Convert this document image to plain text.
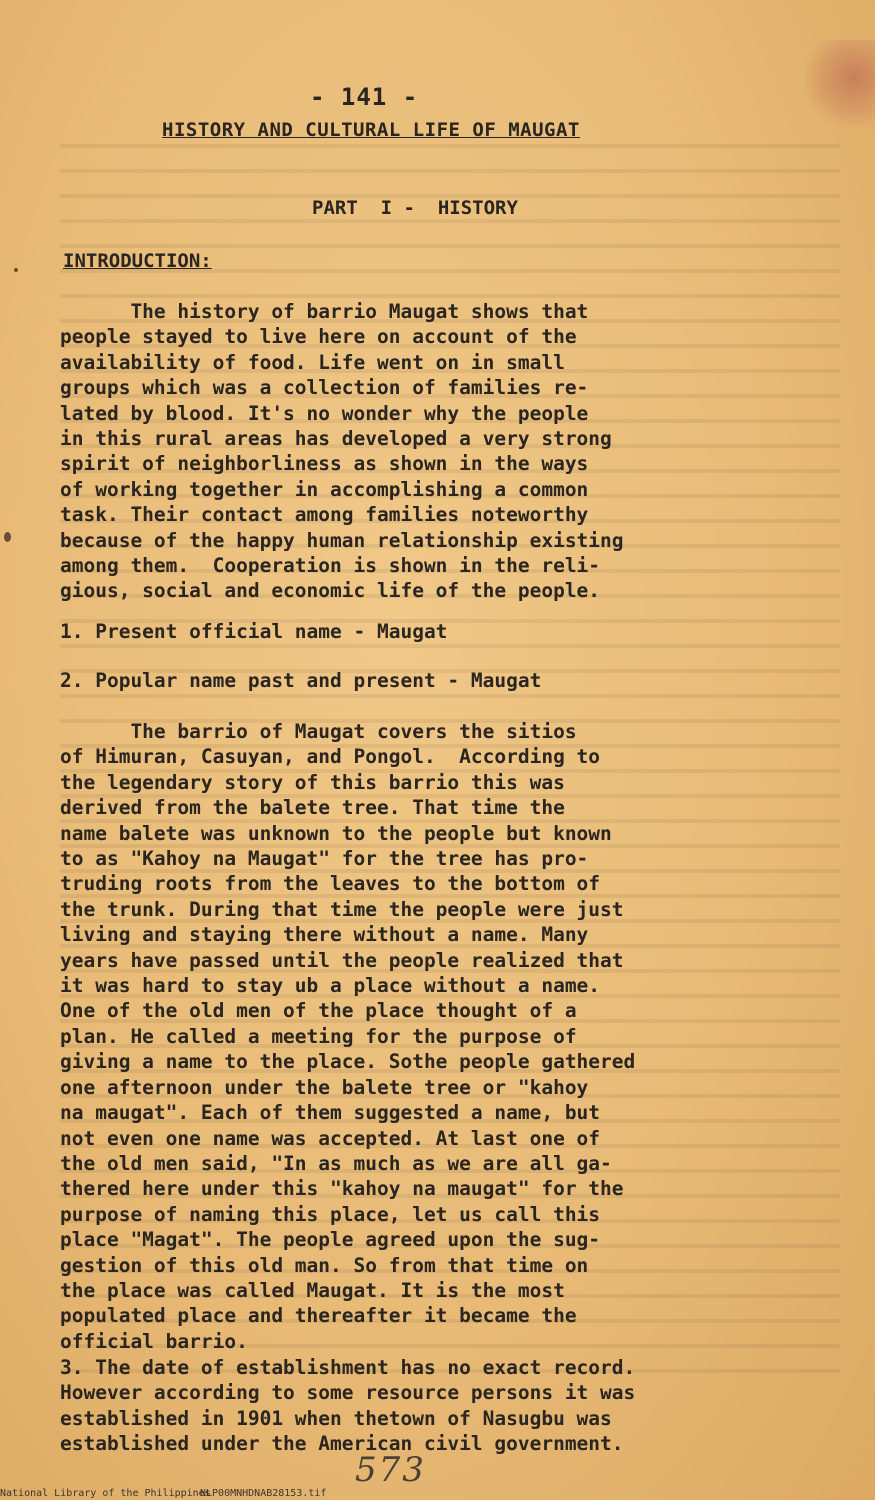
- 141 -
HISTORY AND CULTURAL LIFE OF MAUGAT
PART  I -  HISTORY
INTRODUCTION:
The history of barrio Maugat shows that
people stayed to live here on account of the
availability of food. Life went on in small
groups which was a collection of families re-
lated by blood. It's no wonder why the people
in this rural areas has developed a very strong
spirit of neighborliness as shown in the ways
of working together in accomplishing a common
task. Their contact among families noteworthy
because of the happy human relationship existing
among them.  Cooperation is shown in the reli-
gious, social and economic life of the people.
1. Present official name - Maugat
2. Popular name past and present - Maugat
The barrio of Maugat covers the sitios
of Himuran, Casuyan, and Pongol.  According to
the legendary story of this barrio this was
derived from the balete tree. That time the
name balete was unknown to the people but known
to as "Kahoy na Maugat" for the tree has pro-
truding roots from the leaves to the bottom of
the trunk. During that time the people were just
living and staying there without a name. Many
years have passed until the people realized that
it was hard to stay ub a place without a name.
One of the old men of the place thought of a
plan. He called a meeting for the purpose of
giving a name to the place. Sothe people gathered
one afternoon under the balete tree or "kahoy
na maugat". Each of them suggested a name, but
not even one name was accepted. At last one of
the old men said, "In as much as we are all ga-
thered here under this "kahoy na maugat" for the
purpose of naming this place, let us call this
place "Magat". The people agreed upon the sug-
gestion of this old man. So from that time on
the place was called Maugat. It is the most
populated place and thereafter it became the
official barrio.
3. The date of establishment has no exact record.
However according to some resource persons it was
established in 1901 when thetown of Nasugbu was
established under the American civil government.
573
National Library of the Philippines
NLP00MNHDNAB28153.tif
